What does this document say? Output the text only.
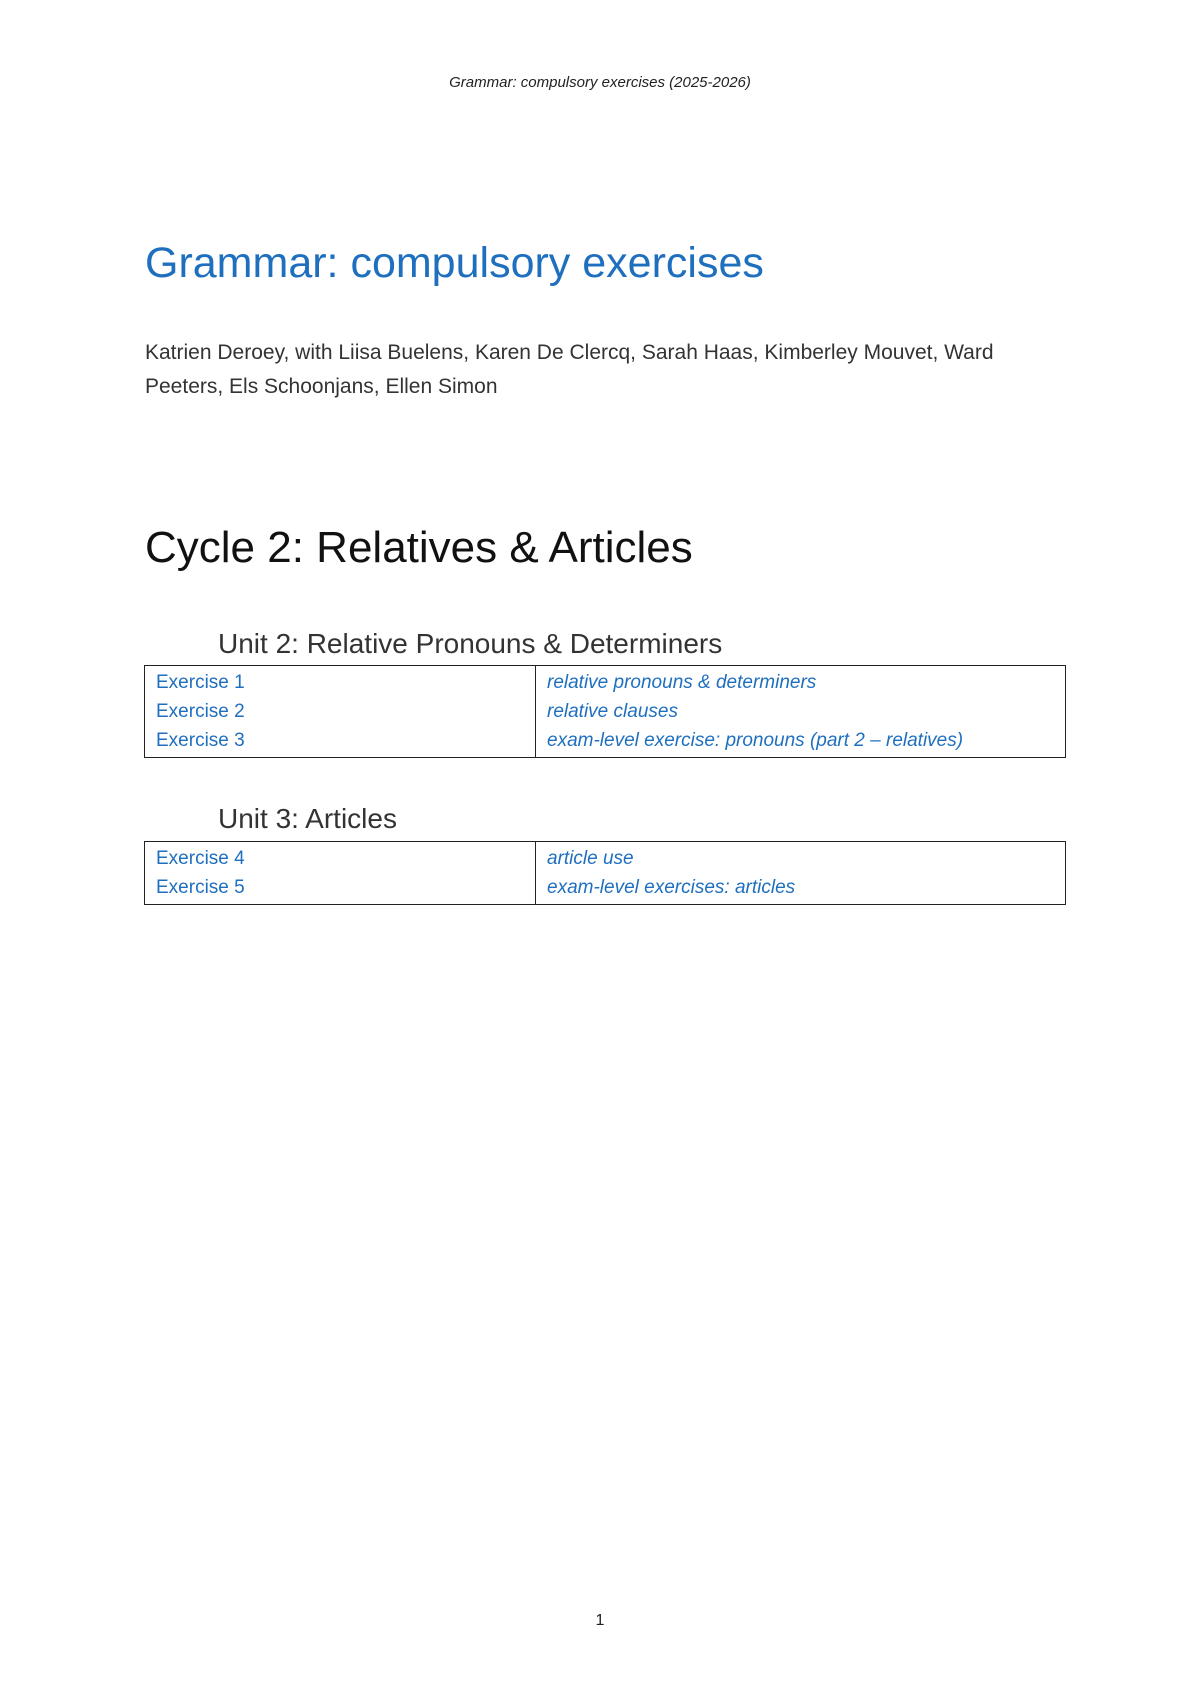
Grammar: compulsory exercises (2025-2026)
Grammar: compulsory exercises
Katrien Deroey, with Liisa Buelens, Karen De Clercq, Sarah Haas, Kimberley Mouvet, Ward Peeters, Els Schoonjans, Ellen Simon
Cycle 2: Relatives & Articles
Unit 2: Relative Pronouns & Determiners
Exercise 1
Exercise 2
Exercise 3
relative pronouns & determiners
relative clauses
exam-level exercise: pronouns (part 2 – relatives)
Unit 3: Articles
Exercise 4
Exercise 5
article use
exam-level exercises: articles
1
